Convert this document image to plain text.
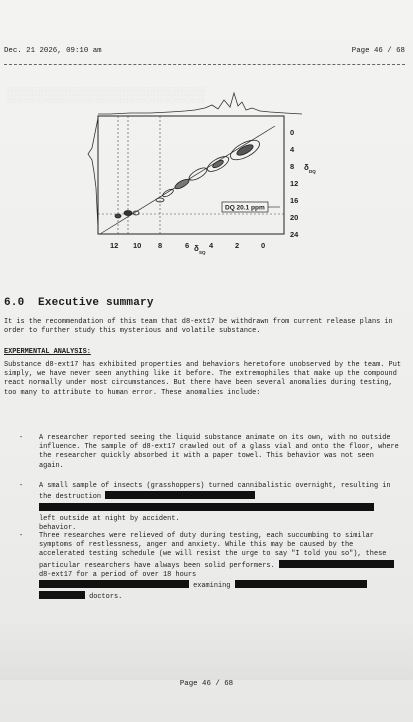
░░░░░░░░░░░░░░░░░░░░
Dec. 21 2026, 09:10 am	Page 46 / 68
DQ 20.1 ppm
0
4
8
12
16
20
24
δ DQ
12 10 8	6	4	2	0
δ SQ
6.0 Executive summary
It is the recommendation of this team that d8-ext17 be withdrawn from current release plans in order to further study this mysterious and volatile substance.
EXPERMENTAL ANALYSIS:
Substance d8-ext17 has exhibited properties and behaviors heretofore unobserved by the team. Put simply, we have never seen anything like it before. The extremophiles that make up the compound react normally under most circumstances. But there have been several anomalies during testing, too many to attribute to human error. These anomalies include:
- A researcher reported seeing the liquid substance animate on its own, with no outside influence. The sample of d8-ext17 crawled out of a glass vial and onto the floor, where the researcher quickly absorbed it with a paper towel. This behavior was not seen again.
- A small sample of insects (grasshoppers) turned cannibalistic overnight, resulting in the destruction

left outside at night by accident.
behavior.
- Three researches were relieved of duty during testing, each succumbing to similar symptoms of restlessness, anger and anxiety. While this may be caused by the accelerated testing schedule (we will resist the urge to say "I told you so"), these particular researchers have always been solid performers.  d8-ext17 for a period of over 18 hours
examining
doctors.
Page 46 / 68
